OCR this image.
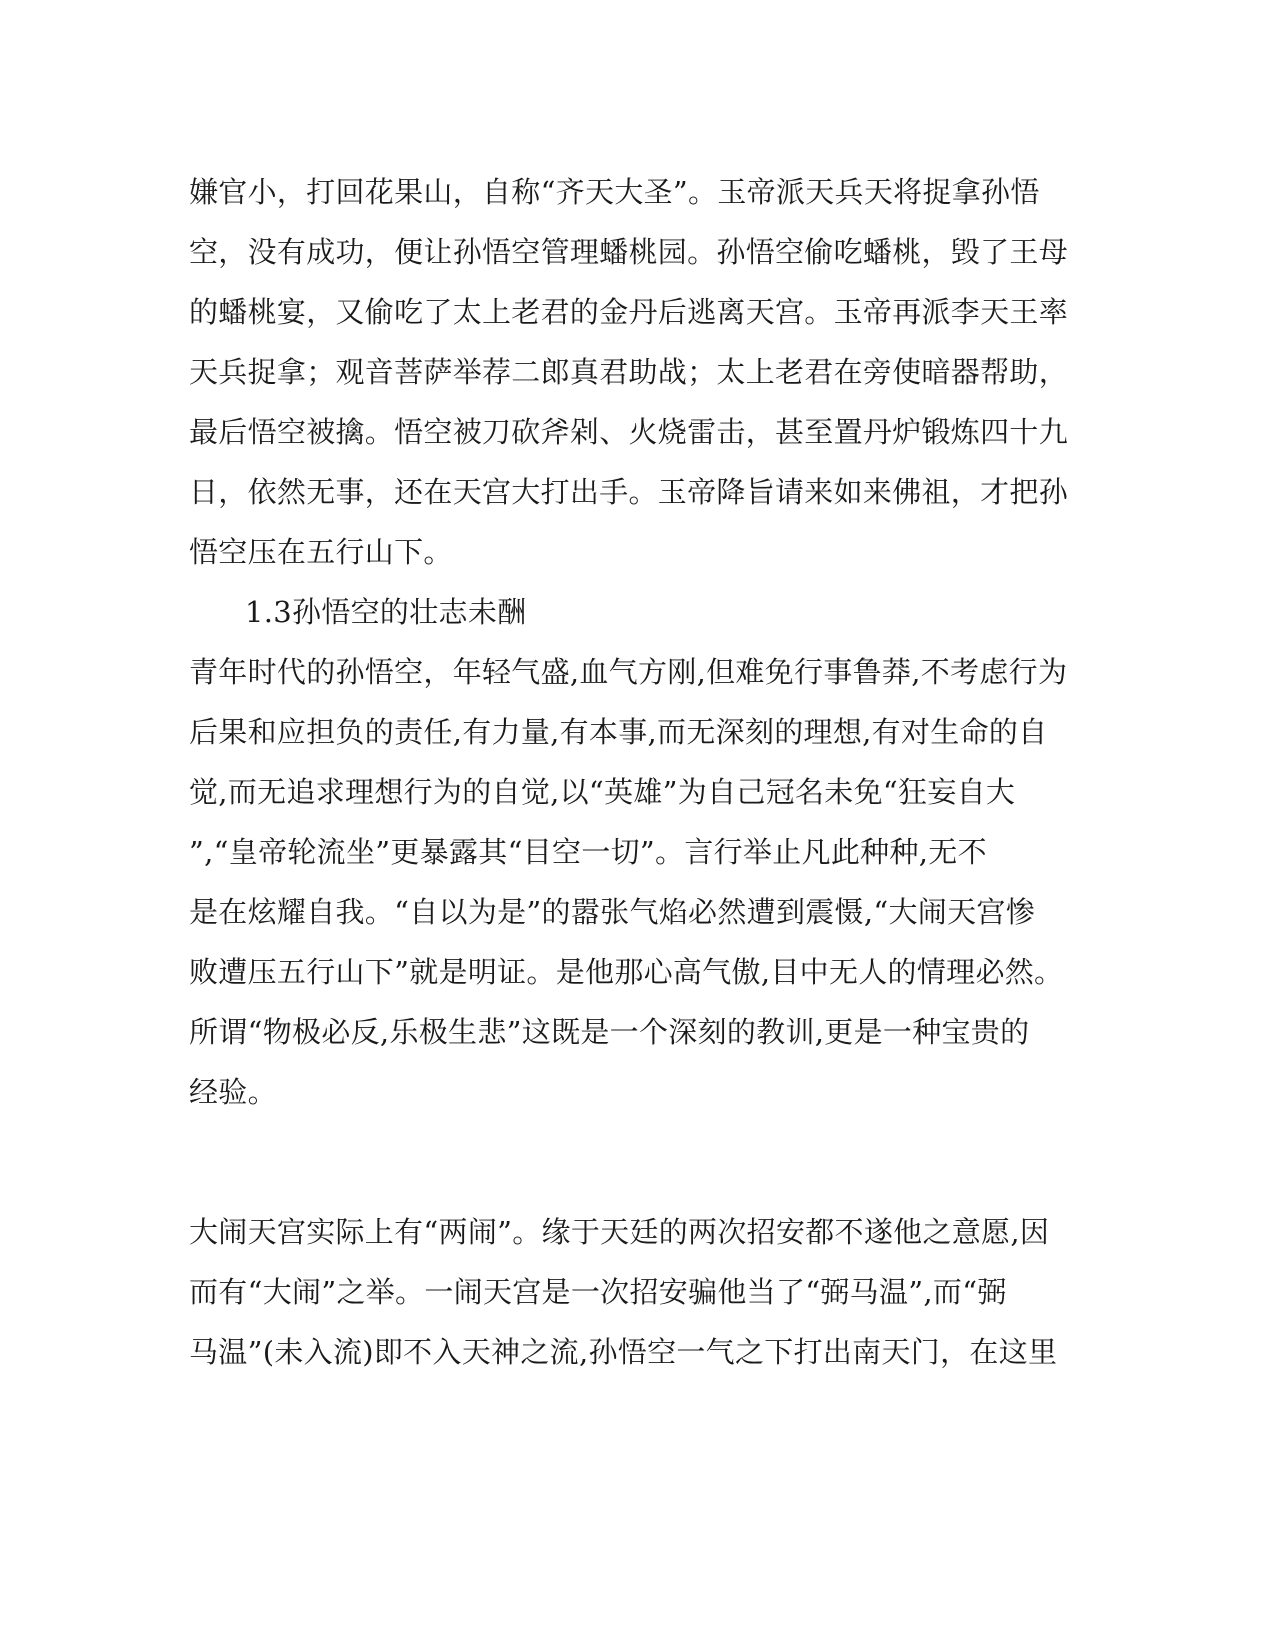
嫌官小，打回花果山，自称“齐天大圣”。玉帝派天兵天将捉拿孙悟
空，没有成功，便让孙悟空管理蟠桃园。孙悟空偷吃蟠桃，毁了王母
的蟠桃宴，又偷吃了太上老君的金丹后逃离天宫。玉帝再派李天王率
天兵捉拿；观音菩萨举荐二郎真君助战；太上老君在旁使暗器帮助，
最后悟空被擒。悟空被刀砍斧剁、火烧雷击，甚至置丹炉锻炼四十九
日，依然无事，还在天宫大打出手。玉帝降旨请来如来佛祖，才把孙
悟空压在五行山下。
1.3孙悟空的壮志未酬
青年时代的孙悟空，年轻气盛,血气方刚,但难免行事鲁莽,不考虑行为
后果和应担负的责任,有力量,有本事,而无深刻的理想,有对生命的自
觉,而无追求理想行为的自觉,以“英雄”为自己冠名未免“狂妄自大
”,“皇帝轮流坐”更暴露其“目空一切”。言行举止凡此种种,无不
是在炫耀自我。“自以为是”的嚣张气焰必然遭到震慑,“大闹天宫惨
败遭压五行山下”就是明证。是他那心高气傲,目中无人的情理必然。
所谓“物极必反,乐极生悲”这既是一个深刻的教训,更是一种宝贵的
经验。
大闹天宫实际上有“两闹”。缘于天廷的两次招安都不遂他之意愿,因
而有“大闹”之举。一闹天宫是一次招安骗他当了“弼马温”,而“弼
马温”(未入流)即不入天神之流,孙悟空一气之下打出南天门，在这里
